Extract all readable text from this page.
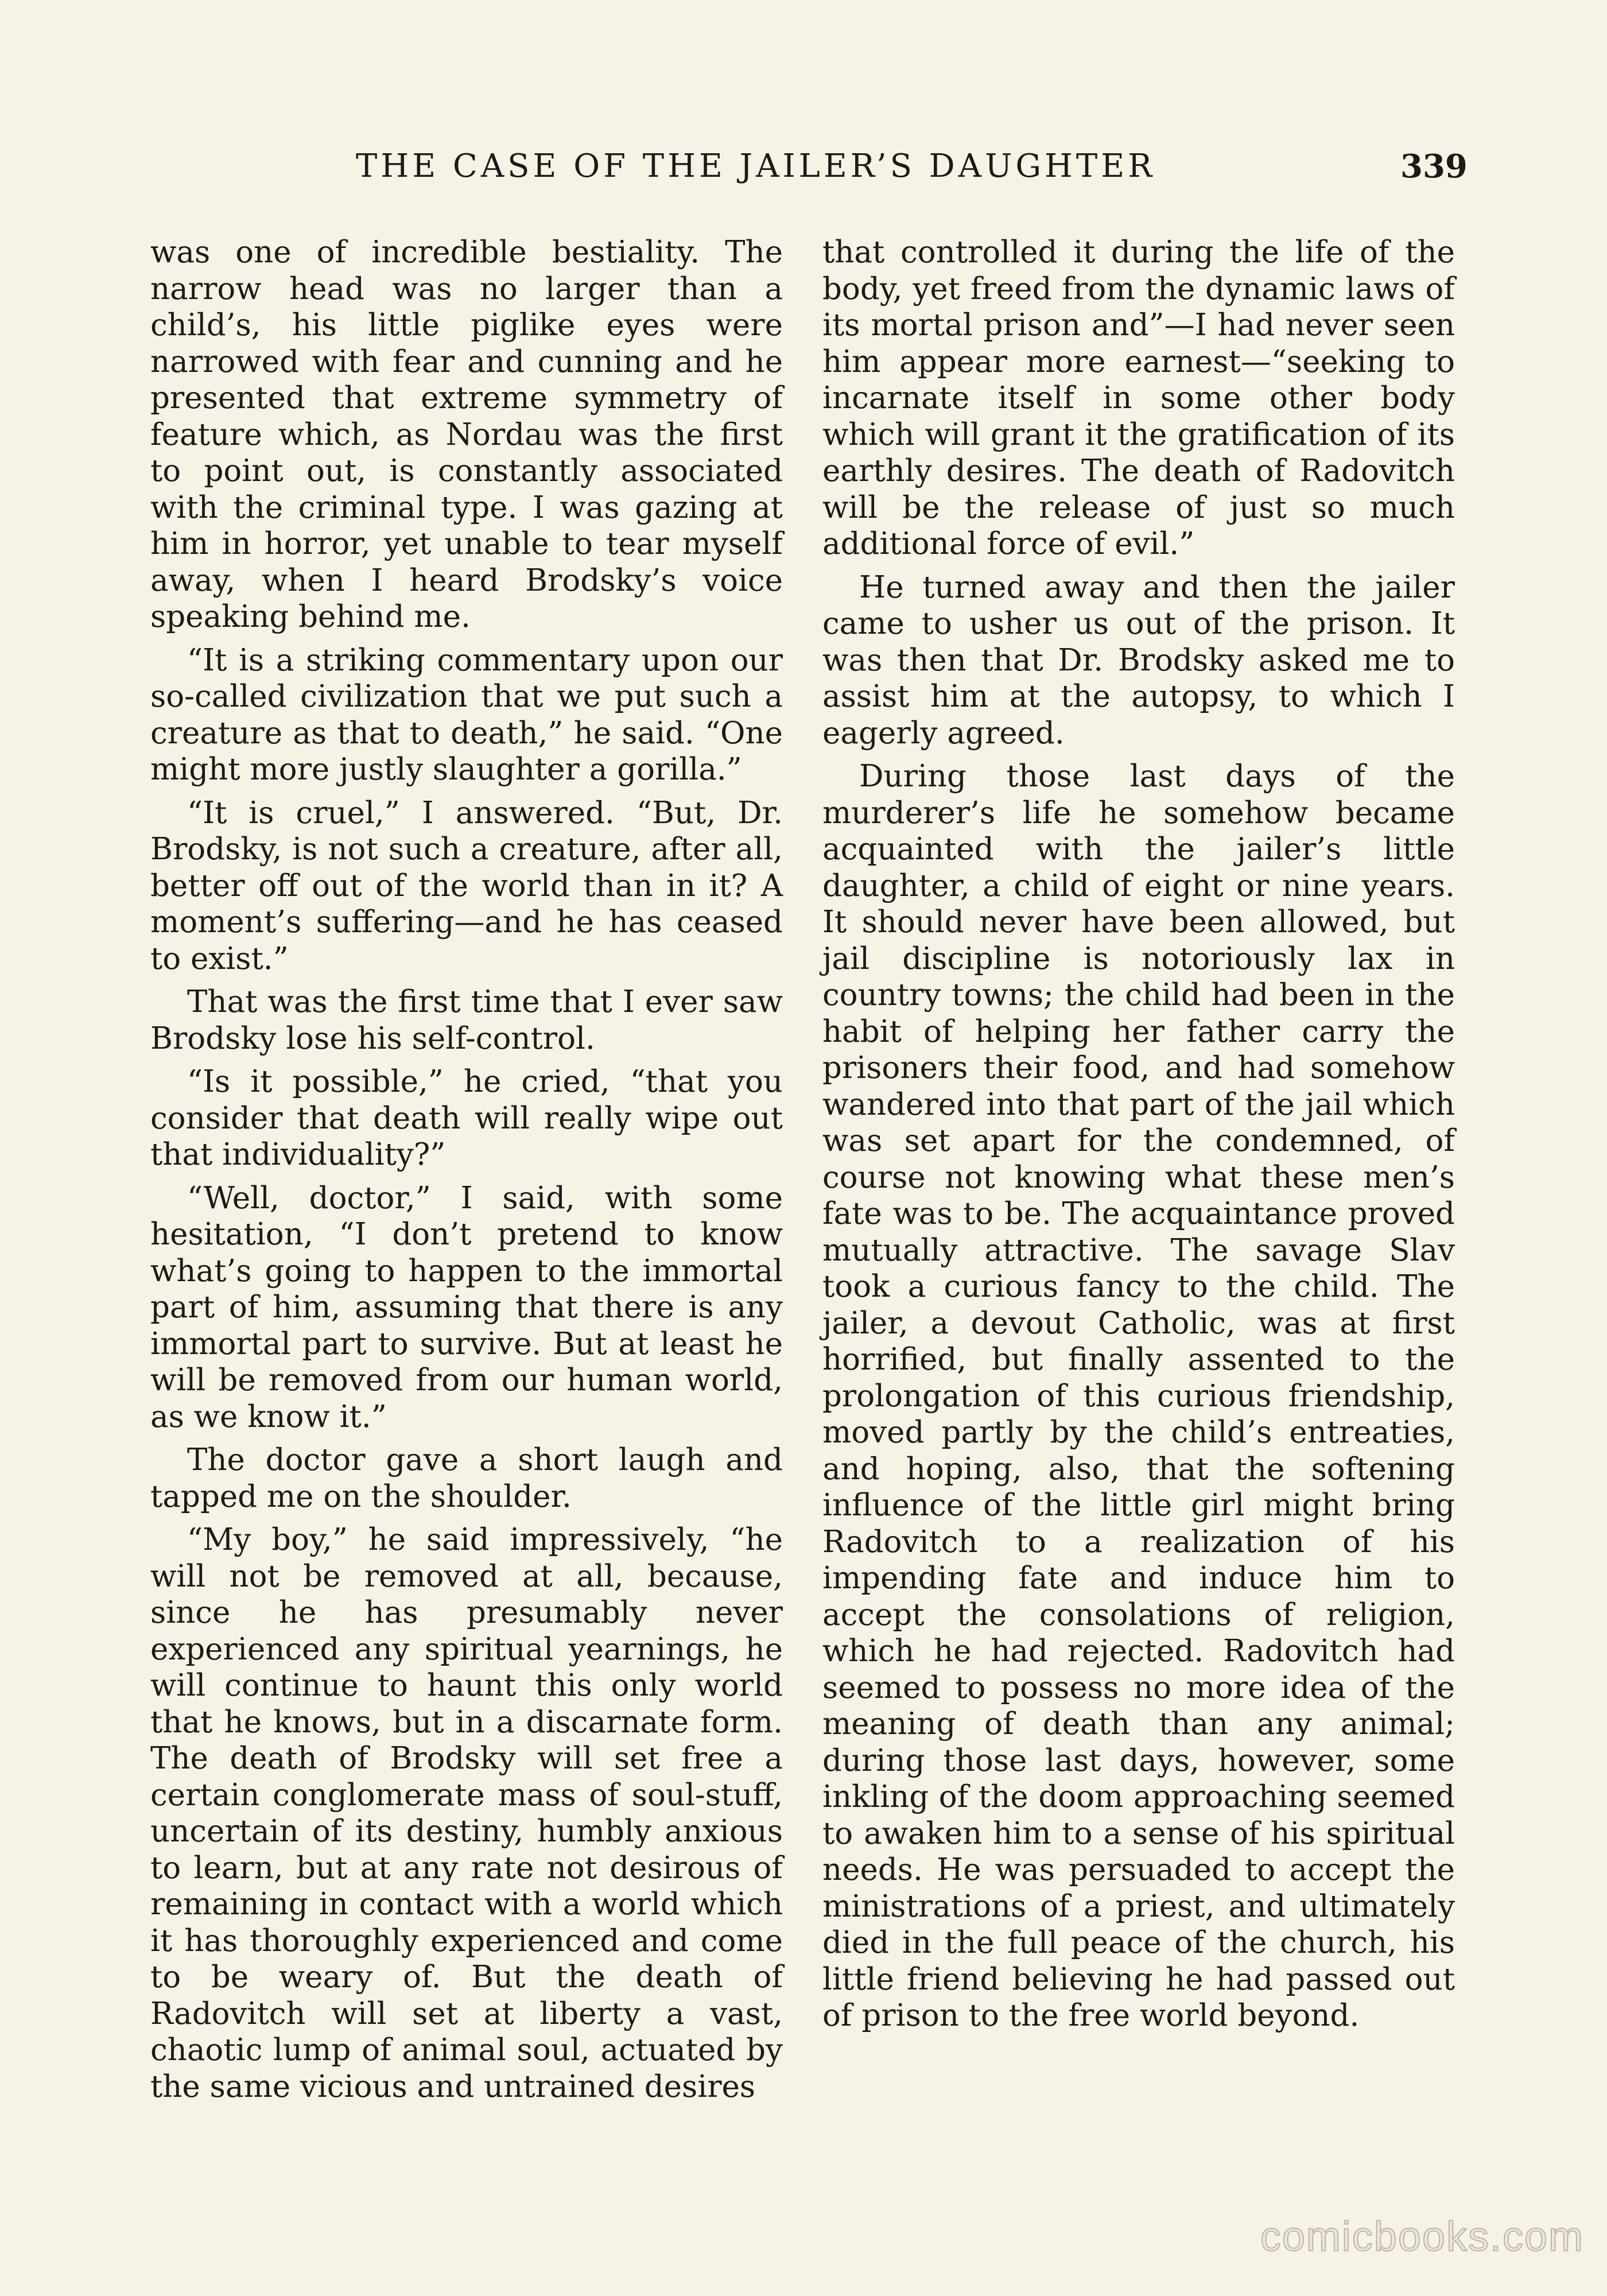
THE CASE OF THE JAILER’S DAUGHTER	339

was one of incredible bestiality. The narrow head was no larger than a child’s, his little piglike eyes were narrowed with fear and cunning and he presented that extreme symmetry of feature which, as Nordau was the first to point out, is constantly associated with the criminal type. I was gazing at him in horror, yet unable to tear myself away, when I heard Brodsky’s voice speaking behind me.

“It is a striking commentary upon our so-called civilization that we put such a creature as that to death,” he said. “One might more justly slaughter a gorilla.”

“It is cruel,” I answered. “But, Dr. Brodsky, is not such a creature, after all, better off out of the world than in it? A moment’s suffering—and he has ceased to exist.”

That was the first time that I ever saw Brodsky lose his self-control.

“Is it possible,” he cried, “that you consider that death will really wipe out that individuality?”

“Well, doctor,” I said, with some hesitation, “I don’t pretend to know what’s going to happen to the immortal part of him, assuming that there is any immortal part to survive. But at least he will be removed from our human world, as we know it.”

The doctor gave a short laugh and tapped me on the shoulder.

“My boy,” he said impressively, “he will not be removed at all, because, since he has presumably never experienced any spiritual yearnings, he will continue to haunt this only world that he knows, but in a discarnate form. The death of Brodsky will set free a certain conglomerate mass of soul-stuff, uncertain of its destiny, humbly anxious to learn, but at any rate not desirous of remaining in contact with a world which it has thoroughly experienced and come to be weary of. But the death of Radovitch will set at liberty a vast, chaotic lump of animal soul, actuated by the same vicious and untrained desires

that controlled it during the life of the body, yet freed from the dynamic laws of its mortal prison and”—I had never seen him appear more earnest—“seeking to incarnate itself in some other body which will grant it the gratification of its earthly desires. The death of Radovitch will be the release of just so much additional force of evil.”

He turned away and then the jailer came to usher us out of the prison. It was then that Dr. Brodsky asked me to assist him at the autopsy, to which I eagerly agreed.

During those last days of the murderer’s life he somehow became acquainted with the jailer’s little daughter, a child of eight or nine years. It should never have been allowed, but jail discipline is notoriously lax in country towns; the child had been in the habit of helping her father carry the prisoners their food, and had somehow wandered into that part of the jail which was set apart for the condemned, of course not knowing what these men’s fate was to be. The acquaintance proved mutually attractive. The savage Slav took a curious fancy to the child. The jailer, a devout Catholic, was at first horrified, but finally assented to the prolongation of this curious friendship, moved partly by the child’s entreaties, and hoping, also, that the softening influence of the little girl might bring Radovitch to a realization of his impending fate and induce him to accept the consolations of religion, which he had rejected. Radovitch had seemed to possess no more idea of the meaning of death than any animal; during those last days, however, some inkling of the doom approaching seemed to awaken him to a sense of his spiritual needs. He was persuaded to accept the ministrations of a priest, and ultimately died in the full peace of the church, his little friend believing he had passed out of prison to the free world beyond.

comicbooks.com
